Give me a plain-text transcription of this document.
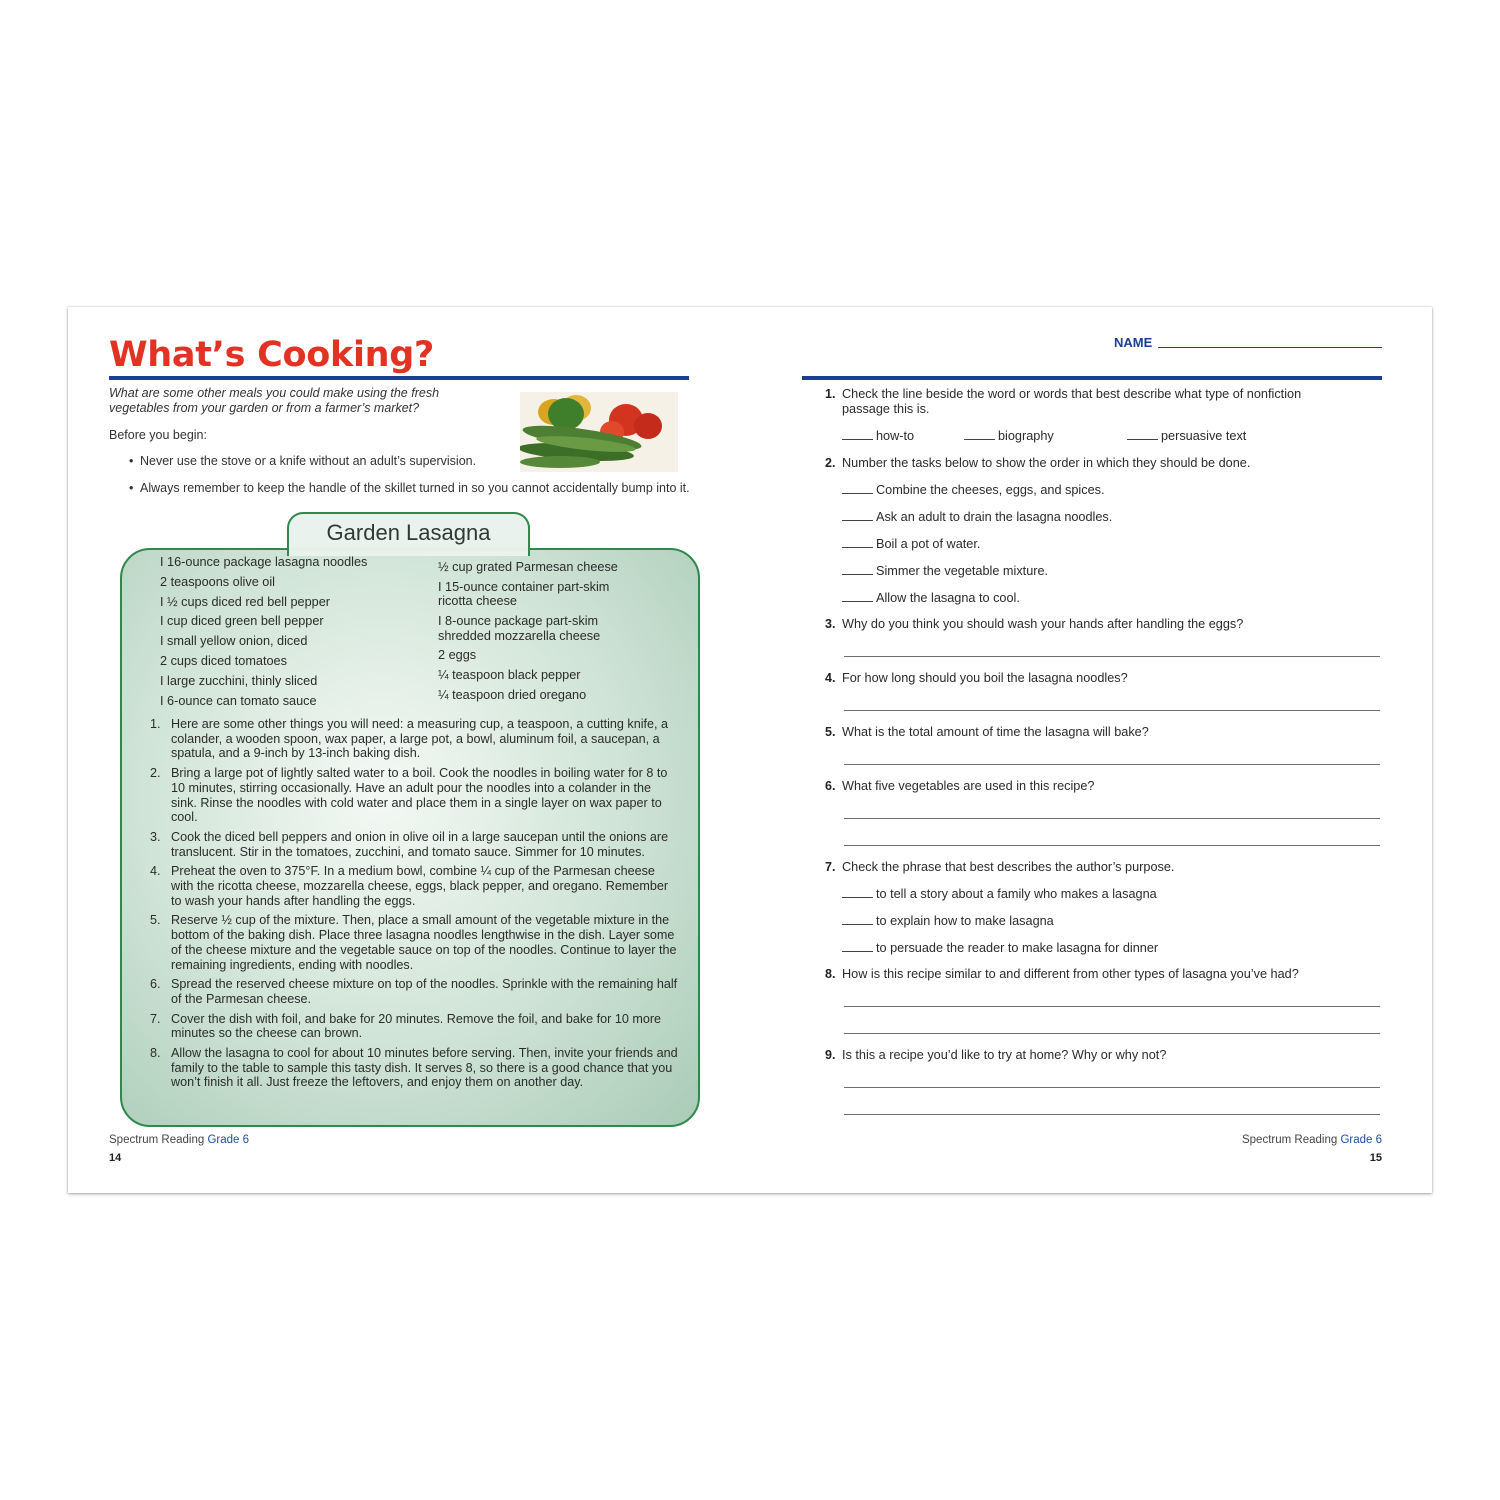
What’s Cooking?
What are some other meals you could make using the fresh vegetables from your garden or from a farmer’s market?
Before you begin:
• Never use the stove or a knife without an adult’s supervision.
• Always remember to keep the handle of the skillet turned in so you cannot accidentally bump into it.
Garden Lasagna
I 16-ounce package lasagna noodles
2 teaspoons olive oil
I ½ cups diced red bell pepper
I cup diced green bell pepper
I small yellow onion, diced
2 cups diced tomatoes
I large zucchini, thinly sliced
I 6-ounce can tomato sauce
½ cup grated Parmesan cheese
I 15-ounce container part-skim ricotta cheese
I 8-ounce package part-skim shredded mozzarella cheese
2 eggs
¼ teaspoon black pepper
¼ teaspoon dried oregano
1. Here are some other things you will need: a measuring cup, a teaspoon, a cutting knife, a colander, a wooden spoon, wax paper, a large pot, a bowl, aluminum foil, a saucepan, a spatula, and a 9-inch by 13-inch baking dish.
2. Bring a large pot of lightly salted water to a boil. Cook the noodles in boiling water for 8 to 10 minutes, stirring occasionally. Have an adult pour the noodles into a colander in the sink. Rinse the noodles with cold water and place them in a single layer on wax paper to cool.
3. Cook the diced bell peppers and onion in olive oil in a large saucepan until the onions are translucent. Stir in the tomatoes, zucchini, and tomato sauce. Simmer for 10 minutes.
4. Preheat the oven to 375°F. In a medium bowl, combine ¼ cup of the Parmesan cheese with the ricotta cheese, mozzarella cheese, eggs, black pepper, and oregano. Remember to wash your hands after handling the eggs.
5. Reserve ½ cup of the mixture. Then, place a small amount of the vegetable mixture in the bottom of the baking dish. Place three lasagna noodles lengthwise in the dish. Layer some of the cheese mixture and the vegetable sauce on top of the noodles. Continue to layer the remaining ingredients, ending with noodles.
6. Spread the reserved cheese mixture on top of the noodles. Sprinkle with the remaining half of the Parmesan cheese.
7. Cover the dish with foil, and bake for 20 minutes. Remove the foil, and bake for 10 more minutes so the cheese can brown.
8. Allow the lasagna to cool for about 10 minutes before serving. Then, invite your friends and family to the table to sample this tasty dish. It serves 8, so there is a good chance that you won’t finish it all. Just freeze the leftovers, and enjoy them on another day.
Spectrum Reading Grade 6
14
NAME
1. Check the line beside the word or words that best describe what type of nonfiction passage this is.
how-to	biography	persuasive text
2. Number the tasks below to show the order in which they should be done.
Combine the cheeses, eggs, and spices.
Ask an adult to drain the lasagna noodles.
Boil a pot of water.
Simmer the vegetable mixture.
Allow the lasagna to cool.
3. Why do you think you should wash your hands after handling the eggs?
4. For how long should you boil the lasagna noodles?
5. What is the total amount of time the lasagna will bake?
6. What five vegetables are used in this recipe?
7. Check the phrase that best describes the author’s purpose.
to tell a story about a family who makes a lasagna
to explain how to make lasagna
to persuade the reader to make lasagna for dinner
8. How is this recipe similar to and different from other types of lasagna you’ve had?
9. Is this a recipe you’d like to try at home? Why or why not?
Spectrum Reading Grade 6
15
